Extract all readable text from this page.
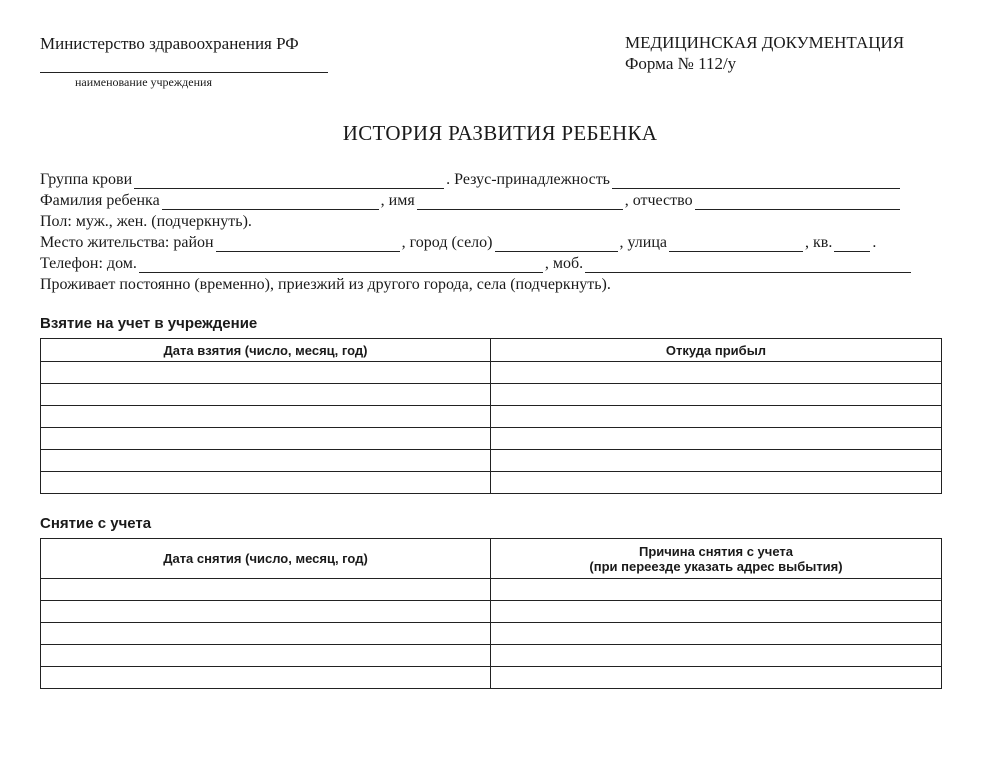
Министерство здравоохранения РФ
наименование учреждения
МЕДИЦИНСКАЯ ДОКУМЕНТАЦИЯ
Форма № 112/у
ИСТОРИЯ РАЗВИТИЯ РЕБЕНКА
Группа крови	. Резус-принадлежность
Фамилия ребенка	, имя	, отчество
Пол: муж., жен. (подчеркнуть).
Место жительства: район	, город (село)	, улица	, кв.	.
Телефон: дом.	, моб.
Проживает постоянно (временно), приезжий из другого города, села (подчеркнуть).
Взятие на учет в учреждение
Дата взятия (число, месяц, год)	Откуда прибыл

Снятие с учета
Дата снятия (число, месяц, год)	Причина снятия с учета
(при переезде указать адрес выбытия)
